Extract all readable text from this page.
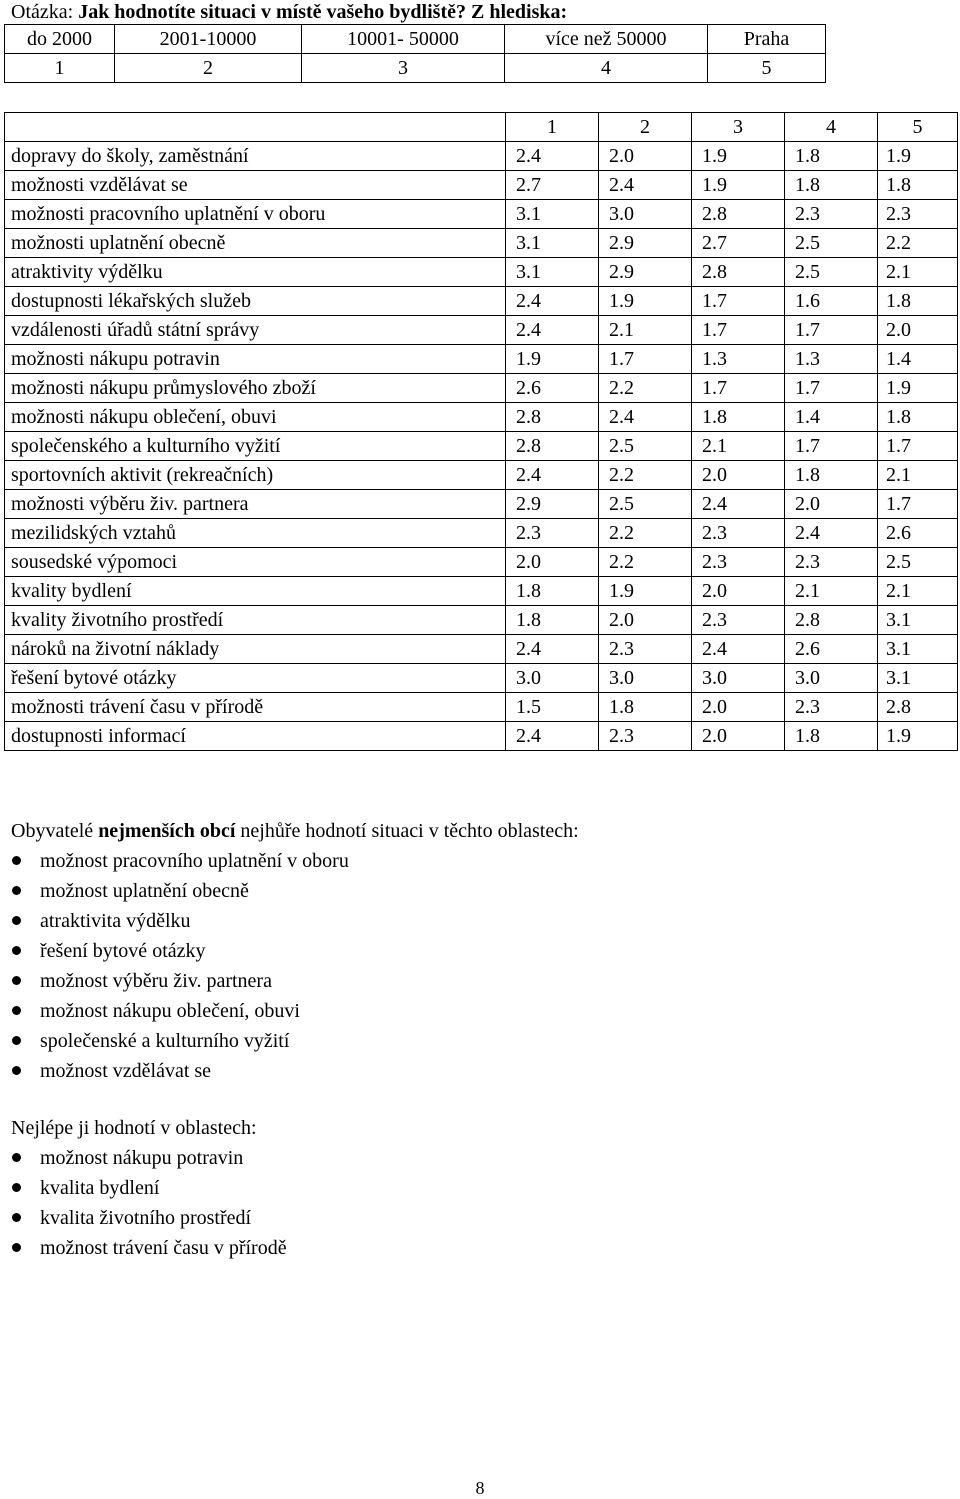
Otázka: Jak hodnotíte situaci v místě vašeho bydliště? Z hlediska:
do 2000	2001-10000	10001- 50000	více než 50000	Praha
1	2	3	4	5
	1	2	3	4	5
dopravy do školy, zaměstnání	2.4	2.0	1.9	1.8	1.9
možnosti vzdělávat se	2.7	2.4	1.9	1.8	1.8
možnosti pracovního uplatnění v oboru	3.1	3.0	2.8	2.3	2.3
možnosti uplatnění obecně	3.1	2.9	2.7	2.5	2.2
atraktivity výdělku	3.1	2.9	2.8	2.5	2.1
dostupnosti lékařských služeb	2.4	1.9	1.7	1.6	1.8
vzdálenosti úřadů státní správy	2.4	2.1	1.7	1.7	2.0
možnosti nákupu potravin	1.9	1.7	1.3	1.3	1.4
možnosti nákupu průmyslového zboží	2.6	2.2	1.7	1.7	1.9
možnosti nákupu oblečení, obuvi	2.8	2.4	1.8	1.4	1.8
společenského a kulturního vyžití	2.8	2.5	2.1	1.7	1.7
sportovních aktivit (rekreačních)	2.4	2.2	2.0	1.8	2.1
možnosti výběru živ. partnera	2.9	2.5	2.4	2.0	1.7
mezilidských vztahů	2.3	2.2	2.3	2.4	2.6
sousedské výpomoci	2.0	2.2	2.3	2.3	2.5
kvality bydlení	1.8	1.9	2.0	2.1	2.1
kvality životního prostředí	1.8	2.0	2.3	2.8	3.1
nároků na životní náklady	2.4	2.3	2.4	2.6	3.1
řešení bytové otázky	3.0	3.0	3.0	3.0	3.1
možnosti trávení času v přírodě	1.5	1.8	2.0	2.3	2.8
dostupnosti informací	2.4	2.3	2.0	1.8	1.9
Obyvatelé nejmenších obcí nejhůře hodnotí situaci v těchto oblastech:
možnost pracovního uplatnění v oboru
možnost uplatnění obecně
atraktivita výdělku
řešení bytové otázky
možnost výběru živ. partnera
možnost nákupu oblečení, obuvi
společenské a kulturního vyžití
možnost vzdělávat se
Nejlépe ji hodnotí v oblastech:
možnost nákupu potravin
kvalita bydlení
kvalita životního prostředí
možnost trávení času v přírodě
8
